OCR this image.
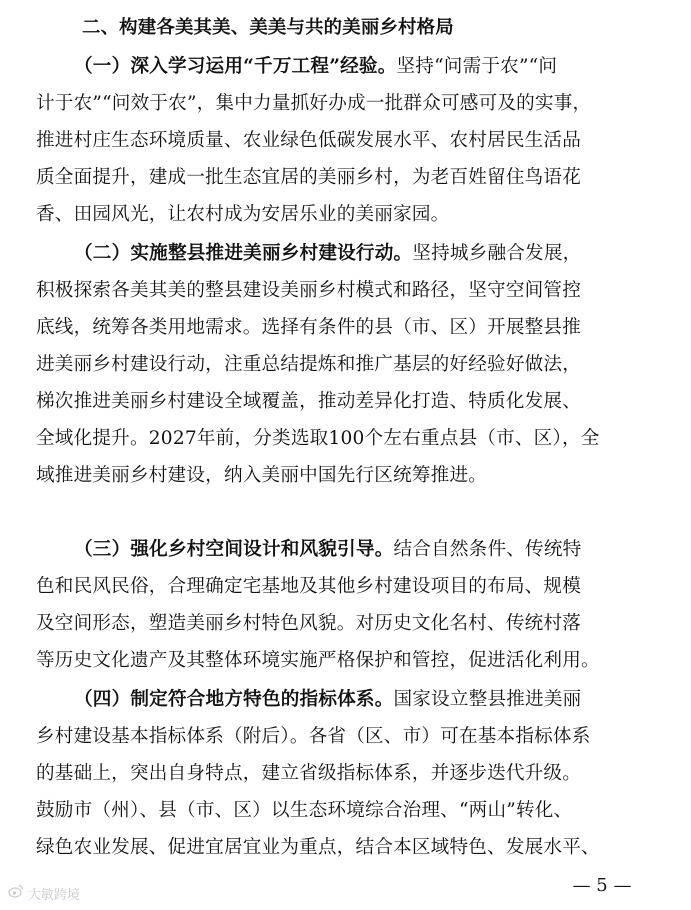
二、构建各美其美、美美与共的美丽乡村格局
（一）深入学习运用“千万工程”经验。坚持“问需于农”“问
计于农”“问效于农”，集中力量抓好办成一批群众可感可及的实事，
推进村庄生态环境质量、农业绿色低碳发展水平、农村居民生活品
质全面提升，建成一批生态宜居的美丽乡村，为老百姓留住鸟语花
香、田园风光，让农村成为安居乐业的美丽家园。
（二）实施整县推进美丽乡村建设行动。坚持城乡融合发展，
积极探索各美其美的整县建设美丽乡村模式和路径，坚守空间管控
底线，统筹各类用地需求。选择有条件的县（市、区）开展整县推
进美丽乡村建设行动，注重总结提炼和推广基层的好经验好做法，
梯次推进美丽乡村建设全域覆盖，推动差异化打造、特质化发展、
全域化提升。2027年前，分类选取100个左右重点县（市、区），全
域推进美丽乡村建设，纳入美丽中国先行区统筹推进。
（三）强化乡村空间设计和风貌引导。结合自然条件、传统特
色和民风民俗，合理确定宅基地及其他乡村建设项目的布局、规模
及空间形态，塑造美丽乡村特色风貌。对历史文化名村、传统村落
等历史文化遗产及其整体环境实施严格保护和管控，促进活化利用。
（四）制定符合地方特色的指标体系。国家设立整县推进美丽
乡村建设基本指标体系（附后）。各省（区、市）可在基本指标体系
的基础上，突出自身特点，建立省级指标体系，并逐步迭代升级。
鼓励市（州）、县（市、区）以生态环境综合治理、“两山”转化、
绿色农业发展、促进宜居宜业为重点，结合本区域特色、发展水平、
— 5 —
大敏跨境
